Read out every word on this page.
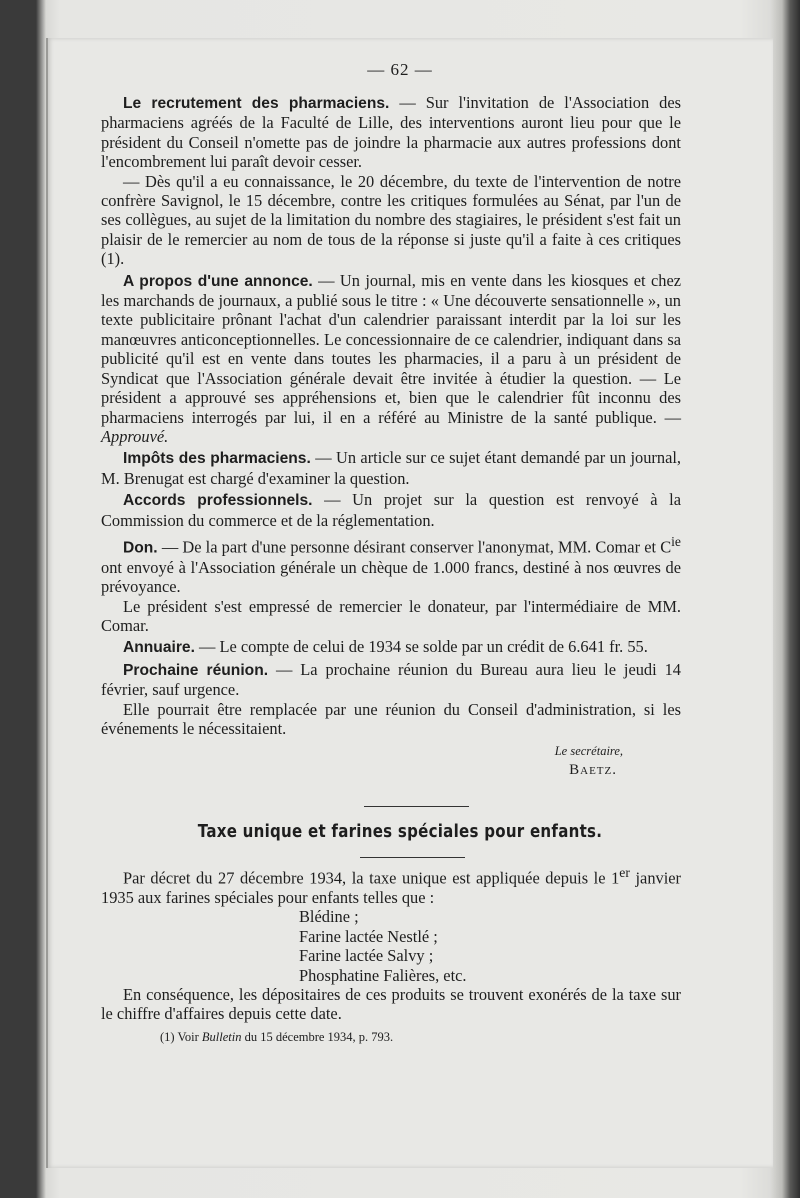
— 62 —

Le recrutement des pharmaciens. — Sur l'invitation de l'Association des pharmaciens agréés de la Faculté de Lille, des interventions auront lieu pour que le président du Conseil n'omette pas de joindre la pharmacie aux autres professions dont l'encombrement lui paraît devoir cesser.

— Dès qu'il a eu connaissance, le 20 décembre, du texte de l'intervention de notre confrère Savignol, le 15 décembre, contre les critiques formulées au Sénat, par l'un de ses collègues, au sujet de la limitation du nombre des stagiaires, le président s'est fait un plaisir de le remercier au nom de tous de la réponse si juste qu'il a faite à ces critiques (1).

A propos d'une annonce. — Un journal, mis en vente dans les kiosques et chez les marchands de journaux, a publié sous le titre : « Une découverte sensationnelle », un texte publicitaire prônant l'achat d'un calendrier paraissant interdit par la loi sur les manœuvres anticonceptionnelles. Le concessionnaire de ce calendrier, indiquant dans sa publicité qu'il est en vente dans toutes les pharmacies, il a paru à un président de Syndicat que l'Association générale devait être invitée à étudier la question. — Le président a approuvé ses appréhensions et, bien que le calendrier fût inconnu des pharmaciens interrogés par lui, il en a référé au Ministre de la santé publique. — Approuvé.

Impôts des pharmaciens. — Un article sur ce sujet étant demandé par un journal, M. Brenugat est chargé d'examiner la question.

Accords professionnels. — Un projet sur la question est renvoyé à la Commission du commerce et de la réglementation.

Don. — De la part d'une personne désirant conserver l'anonymat, MM. Comar et $C^{ie}$ ont envoyé à l'Association générale un chèque de 1.000 francs, destiné à nos œuvres de prévoyance.

Le président s'est empressé de remercier le donateur, par l'intermédiaire de MM. Comar.

Annuaire. — Le compte de celui de 1934 se solde par un crédit de 6.641 fr. 55.

Prochaine réunion. — La prochaine réunion du Bureau aura lieu le jeudi 14 février, sauf urgence.

Elle pourrait être remplacée par une réunion du Conseil d'administration, si les événements le nécessitaient.

Le secrétaire,
Baetz.
Taxe unique et farines spéciales pour enfants.

Par décret du 27 décembre 1934, la taxe unique est appliquée depuis le 1er janvier 1935 aux farines spéciales pour enfants telles que :

Blédine ;
Farine lactée Nestlé ;
Farine lactée Salvy ;
Phosphatine Falières, etc.

En conséquence, les dépositaires de ces produits se trouvent exonérés de la taxe sur le chiffre d'affaires depuis cette date.

(1) Voir Bulletin du 15 décembre 1934, p. 793.
